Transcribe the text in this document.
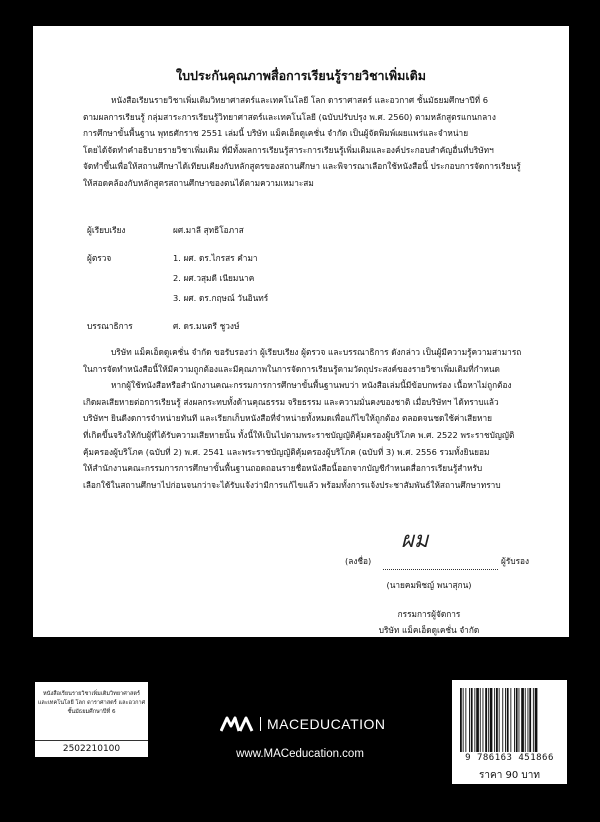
ใบประกันคุณภาพสื่อการเรียนรู้รายวิชาเพิ่มเติม
หนังสือเรียนรายวิชาเพิ่มเติมวิทยาศาสตร์และเทคโนโลยี โลก ดาราศาสตร์ และอวกาศ ชั้นมัธยมศึกษาปีที่ 6
ตามผลการเรียนรู้ กลุ่มสาระการเรียนรู้วิทยาศาสตร์และเทคโนโลยี (ฉบับปรับปรุง พ.ศ. 2560) ตามหลักสูตรแกนกลาง
การศึกษาขั้นพื้นฐาน พุทธศักราช 2551 เล่มนี้ บริษัท แม็คเอ็ดดูเคชั่น จำกัด เป็นผู้จัดพิมพ์เผยแพร่และจำหน่าย
โดยได้จัดทำคำอธิบายรายวิชาเพิ่มเติม ที่มีทั้งผลการเรียนรู้สาระการเรียนรู้เพิ่มเติมและองค์ประกอบสำคัญอื่นที่บริษัทฯ
จัดทำขึ้นเพื่อให้สถานศึกษาได้เทียบเคียงกับหลักสูตรของสถานศึกษา และพิจารณาเลือกใช้หนังสือนี้ ประกอบการจัดการเรียนรู้
ให้สอดคล้องกับหลักสูตรสถานศึกษาของตนได้ตามความเหมาะสม
ผู้เรียบเรียง	ผศ.มาลี สุทธิโอภาส
ผู้ตรวจ	1. ผศ. ดร.ไกรสร คำมา
2. ผศ.วสุมดี เนียมนาค
3. ผศ. ดร.กฤษณ์ วันอินทร์
บรรณาธิการ	ศ. ดร.มนตรี ชูวงษ์
บริษัท แม็คเอ็ดดูเคชั่น จำกัด ขอรับรองว่า ผู้เรียบเรียง ผู้ตรวจ และบรรณาธิการ ดังกล่าว เป็นผู้มีความรู้ความสามารถ
ในการจัดทำหนังสือนี้ให้มีความถูกต้องและมีคุณภาพในการจัดการเรียนรู้ตามวัตถุประสงค์ของรายวิชาเพิ่มเติมที่กำหนด
หากผู้ใช้หนังสือหรือสำนักงานคณะกรรมการการศึกษาขั้นพื้นฐานพบว่า หนังสือเล่มนี้มีข้อบกพร่อง เนื้อหาไม่ถูกต้อง
เกิดผลเสียหายต่อการเรียนรู้ ส่งผลกระทบทั้งด้านคุณธรรม จริยธรรม และความมั่นคงของชาติ เมื่อบริษัทฯ ได้ทราบแล้ว
บริษัทฯ ยินดีงดการจำหน่ายทันที และเรียกเก็บหนังสือที่จำหน่ายทั้งหมดเพื่อแก้ไขให้ถูกต้อง ตลอดจนชดใช้ค่าเสียหาย
ที่เกิดขึ้นจริงให้กับผู้ที่ได้รับความเสียหายนั้น ทั้งนี้ให้เป็นไปตามพระราชบัญญัติคุ้มครองผู้บริโภค พ.ศ. 2522 พระราชบัญญัติ
คุ้มครองผู้บริโภค (ฉบับที่ 2) พ.ศ. 2541 และพระราชบัญญัติคุ้มครองผู้บริโภค (ฉบับที่ 3) พ.ศ. 2556 รวมทั้งยินยอม
ให้สำนักงานคณะกรรมการการศึกษาขั้นพื้นฐานถอดถอนรายชื่อหนังสือนี้ออกจากบัญชีกำหนดสื่อการเรียนรู้สำหรับ
เลือกใช้ในสถานศึกษาไปก่อนจนกว่าจะได้รับแจ้งว่ามีการแก้ไขแล้ว พร้อมทั้งการแจ้งประชาสัมพันธ์ให้สถานศึกษาทราบ
(ลงชื่อ)
ผม
ผู้รับรอง
(นายคมพิชญ์ พนาสุกน)
กรรมการผู้จัดการ
บริษัท แม็คเอ็ดดูเคชั่น จำกัด
หนังสือเรียนรายวิชาเพิ่มเติมวิทยาศาสตร์
และเทคโนโลยี โลก ดาราศาสตร์ และอวกาศ
ชั้นมัธยมศึกษาปีที่ 6
2502210100
MACEDUCATION
www.MACeducation.com	9 786163 451866
ราคา 90 บาท
